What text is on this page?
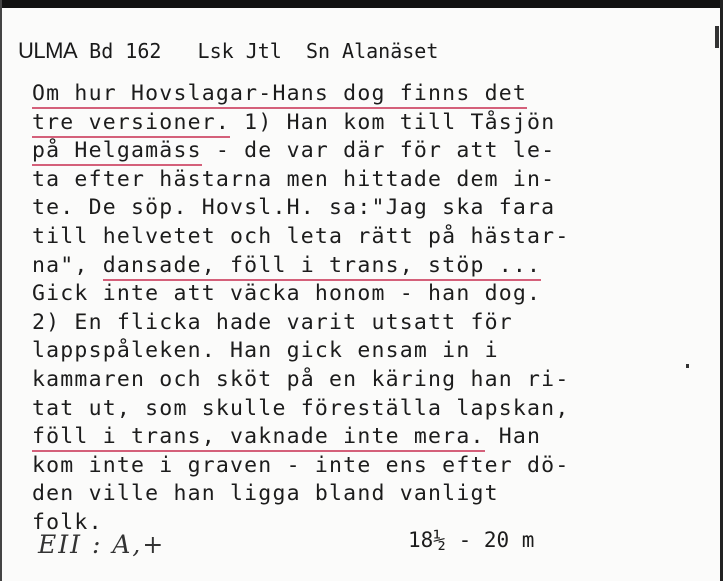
ULMA Bd 162 Lsk Jtl Sn Alanäset
Om hur Hovslagar-Hans dog finns det
tre versioner. 1) Han kom till Tåsjön
på Helgamäss - de var där för att le-
ta efter hästarna men hittade dem in-
te. De söp. Hovsl.H. sa:"Jag ska fara
till helvetet och leta rätt på hästar-
na", dansade, föll i trans, stöp ...
Gick inte att väcka honom - han dog.
2) En flicka hade varit utsatt för
lappspåleken. Han gick ensam in i
kammaren och sköt på en käring han ri-
tat ut, som skulle föreställa lapskan,
föll i trans, vaknade inte mera. Han
kom inte i graven - inte ens efter dö-
den ville han ligga bland vanligt
folk.
EII : A,+	18½ - 20 m
